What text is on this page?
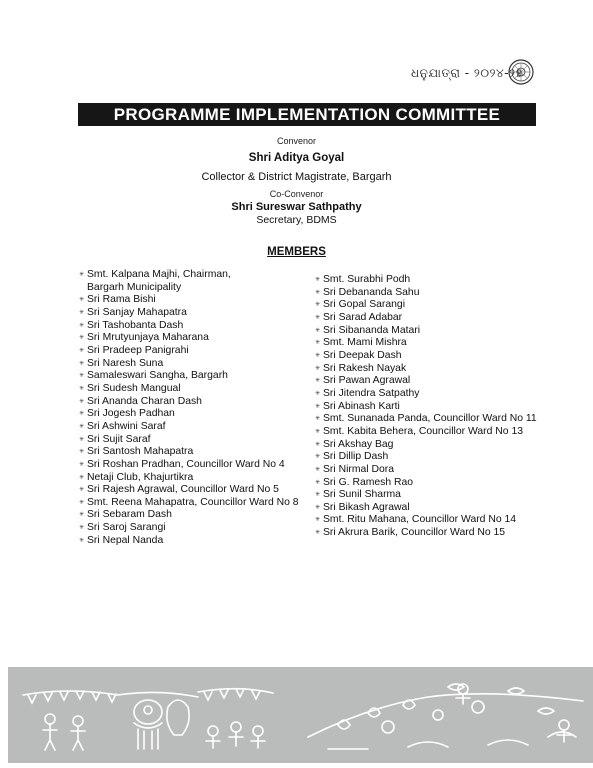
ଧନୁଯାତ୍ରା - ୨୦୨୪-୨୫
PROGRAMME IMPLEMENTATION COMMITTEE
Convenor
Shri Aditya Goyal
Collector & District Magistrate, Bargarh
Co-Convenor
Shri Sureswar Sathpathy
Secretary, BDMS
MEMBERS
✳ Smt. Kalpana Majhi, Chairman,
Bargarh Municipality
✳ Sri Rama Bishi
✳ Sri Sanjay Mahapatra
✳ Sri Tashobanta Dash
✳ Sri Mrutyunjaya Maharana
✳ Sri Pradeep Panigrahi
✳ Sri Naresh Suna
✳ Samaleswari Sangha, Bargarh
✳ Sri Sudesh Mangual
✳ Sri Ananda Charan Dash
✳ Sri Jogesh Padhan
✳ Sri Ashwini Saraf
✳ Sri Sujit Saraf
✳ Sri Santosh Mahapatra
✳ Sri Roshan Pradhan, Councillor Ward No 4
✳ Netaji Club, Khajurtikra
✳ Sri Rajesh Agrawal, Councillor Ward No 5
✳ Smt. Reena Mahapatra, Councillor Ward No 8
✳ Sri Sebaram Dash
✳ Sri Saroj Sarangi
✳ Sri Nepal Nanda
✳ Smt. Surabhi Podh
✳ Sri Debananda Sahu
✳ Sri Gopal Sarangi
✳ Sri Sarad Adabar
✳ Sri Sibananda Matari
✳ Smt. Mami Mishra
✳ Sri Deepak Dash
✳ Sri Rakesh Nayak
✳ Sri Pawan Agrawal
✳ Sri Jitendra Satpathy
✳ Sri Abinash Karti
✳ Smt. Sunanada Panda, Councillor Ward No 11
✳ Smt. Kabita Behera, Councillor Ward No 13
✳ Sri Akshay Bag
✳ Sri Dillip Dash
✳ Sri Nirmal Dora
✳ Sri G. Ramesh Rao
✳ Sri Sunil Sharma
✳ Sri Bikash Agrawal
✳ Smt. Ritu Mahana, Councillor Ward No 14
✳ Sri Akrura Barik, Councillor Ward No 15
